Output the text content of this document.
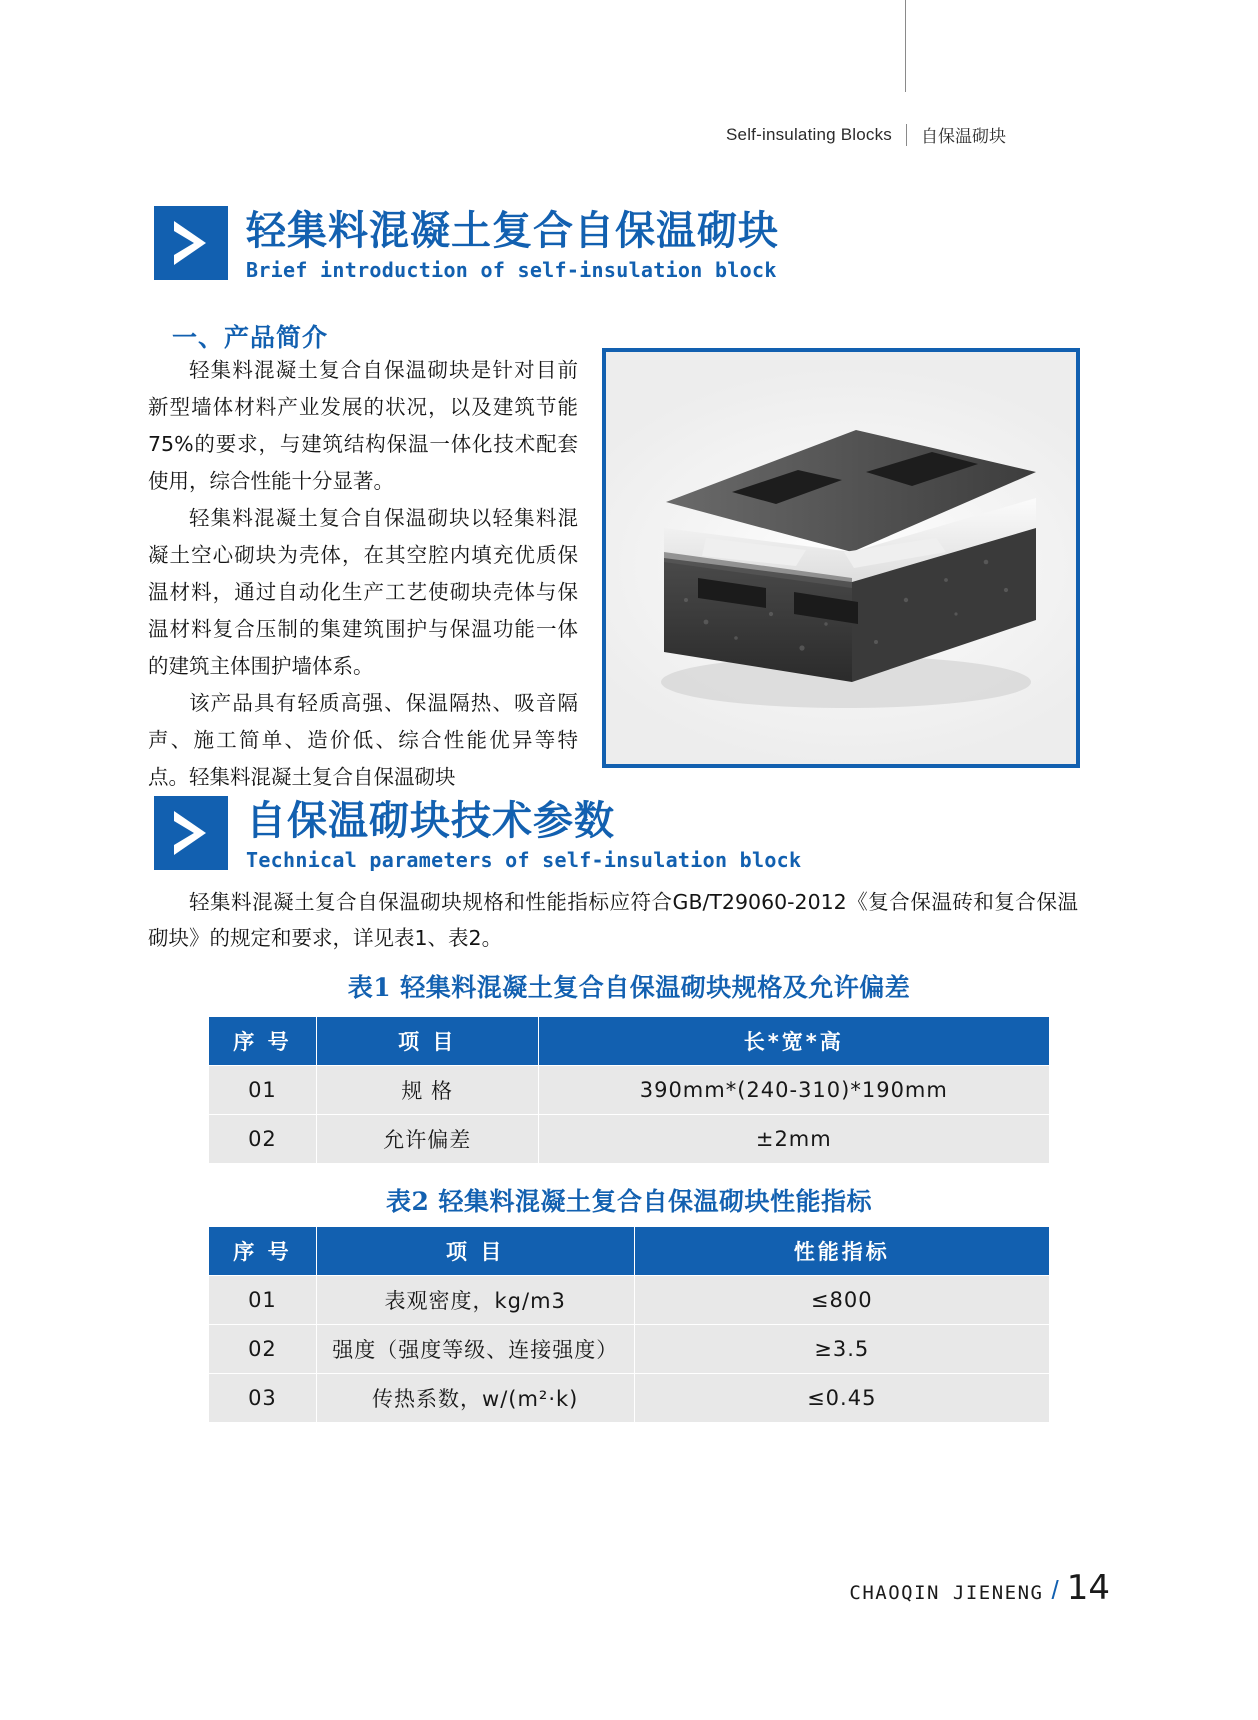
Self-insulating Blocks	自保温砌块
轻集料混凝土复合自保温砌块
Brief introduction of self-insulation block
一、产品简介

轻集料混凝土复合自保温砌块是针对目前新型墙体材料产业发展的状况，以及建筑节能75%的要求，与建筑结构保温一体化技术配套使用，综合性能十分显著。

轻集料混凝土复合自保温砌块以轻集料混凝土空心砌块为壳体，在其空腔内填充优质保温材料，通过自动化生产工艺使砌块壳体与保温材料复合压制的集建筑围护与保温功能一体的建筑主体围护墙体系。

该产品具有轻质高强、保温隔热、吸音隔声、施工简单、造价低、综合性能优异等特点。轻集料混凝土复合自保温砌块

自保温砌块技术参数
Technical parameters of self-insulation block

轻集料混凝土复合自保温砌块规格和性能指标应符合GB/T29060-2012《复合保温砖和复合保温砌块》的规定和要求，详见表1、表2。

表1 轻集料混凝土复合自保温砌块规格及允许偏差
序 号	项 目	长*宽*高
01	规 格	390mm*(240-310)*190mm
02	允许偏差	±2mm
表2 轻集料混凝土复合自保温砌块性能指标
序 号	项 目	性能指标
01	表观密度，kg/m3	≤800
02	强度（强度等级、连接强度）	≥3.5
03	传热系数，w/(m²·k)	≤0.45
CHAOQIN JIENENG / 14
